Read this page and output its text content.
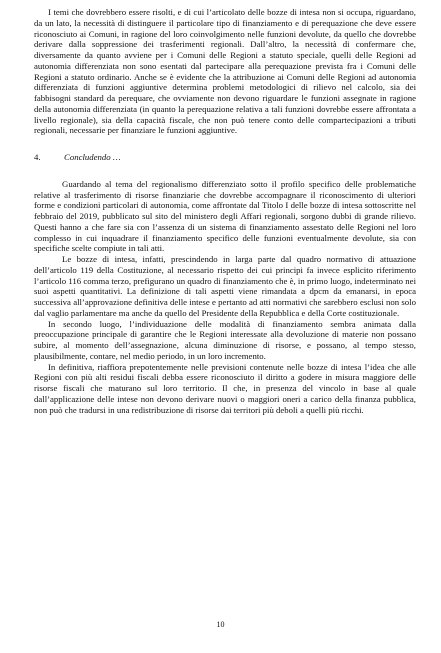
I temi che dovrebbero essere risolti, e di cui l’articolato delle bozze di intesa non si occupa, riguardano, da un lato, la necessità di distinguere il particolare tipo di finanziamento e di perequazione che deve essere riconosciuto ai Comuni, in ragione del loro coinvolgimento nelle funzioni devolute, da quello che dovrebbe derivare dalla soppressione dei trasferimenti regionali. Dall’altro, la necessità di confermare che, diversamente da quanto avviene per i Comuni delle Regioni a statuto speciale, quelli delle Regioni ad autonomia differenziata non sono esentati dal partecipare alla perequazione prevista fra i Comuni delle Regioni a statuto ordinario. Anche se è evidente che la attribuzione ai Comuni delle Regioni ad autonomia differenziata di funzioni aggiuntive determina problemi metodologici di rilievo nel calcolo, sia dei fabbisogni standard da perequare, che ovviamente non devono riguardare le funzioni assegnate in ragione della autonomia differenziata (in quanto la perequazione relativa a tali funzioni dovrebbe essere affrontata a livello regionale), sia della capacità fiscale, che non può tenere conto delle compartecipazioni a tributi regionali, necessarie per finanziare le funzioni aggiuntive.

4.	Concludendo …

Guardando al tema del regionalismo differenziato sotto il profilo specifico delle problematiche relative al trasferimento di risorse finanziarie che dovrebbe accompagnare il riconoscimento di ulteriori forme e condizioni particolari di autonomia, come affrontate dal Titolo I delle bozze di intesa sottoscritte nel febbraio del 2019, pubblicato sul sito del ministero degli Affari regionali, sorgono dubbi di grande rilievo. Questi hanno a che fare sia con l’assenza di un sistema di finanziamento assestato delle Regioni nel loro complesso in cui inquadrare il finanziamento specifico delle funzioni eventualmente devolute, sia con specifiche scelte compiute in tali atti.

Le bozze di intesa, infatti, prescindendo in larga parte dal quadro normativo di attuazione dell’articolo 119 della Costituzione, al necessario rispetto dei cui principi fa invece esplicito riferimento l’articolo 116 comma terzo, prefigurano un quadro di finanziamento che è, in primo luogo, indeterminato nei suoi aspetti quantitativi. La definizione di tali aspetti viene rimandata a dpcm da emanarsi, in epoca successiva all’approvazione definitiva delle intese e pertanto ad atti normativi che sarebbero esclusi non solo dal vaglio parlamentare ma anche da quello del Presidente della Repubblica e della Corte costituzionale.

In secondo luogo, l’individuazione delle modalità di finanziamento sembra animata dalla preoccupazione principale di garantire che le Regioni interessate alla devoluzione di materie non possano subire, al momento dell’assegnazione, alcuna diminuzione di risorse, e possano, al tempo stesso, plausibilmente, contare, nel medio periodo, in un loro incremento.

In definitiva, riaffiora prepotentemente nelle previsioni contenute nelle bozze di intesa l’idea che alle Regioni con più alti residui fiscali debba essere riconosciuto il diritto a godere in misura maggiore delle risorse fiscali che maturano sul loro territorio. Il che, in presenza del vincolo in base al quale dall’applicazione delle intese non devono derivare nuovi o maggiori oneri a carico della finanza pubblica, non può che tradursi in una redistribuzione di risorse dai territori più deboli a quelli più ricchi.

10
